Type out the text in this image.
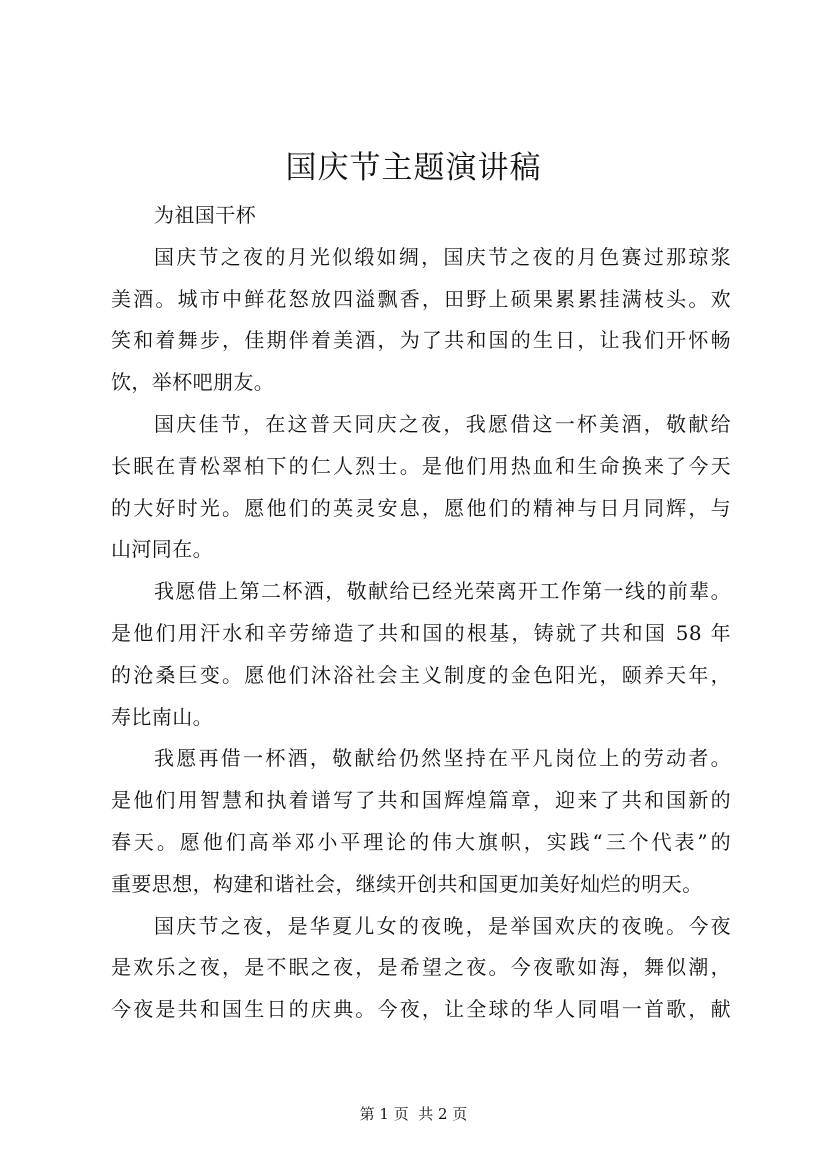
国庆节主题演讲稿
为祖国干杯
国庆节之夜的月光似缎如绸，国庆节之夜的月色赛过那琼浆
美酒。城市中鲜花怒放四溢飘香，田野上硕果累累挂满枝头。欢
笑和着舞步，佳期伴着美酒，为了共和国的生日，让我们开怀畅
饮，举杯吧朋友。
国庆佳节，在这普天同庆之夜，我愿借这一杯美酒，敬献给
长眠在青松翠柏下的仁人烈士。是他们用热血和生命换来了今天
的大好时光。愿他们的英灵安息，愿他们的精神与日月同辉，与
山河同在。
我愿借上第二杯酒，敬献给已经光荣离开工作第一线的前辈。
是他们用汗水和辛劳缔造了共和国的根基，铸就了共和国 58 年
的沧桑巨变。愿他们沐浴社会主义制度的金色阳光，颐养天年，
寿比南山。
我愿再借一杯酒，敬献给仍然坚持在平凡岗位上的劳动者。
是他们用智慧和执着谱写了共和国辉煌篇章，迎来了共和国新的
春天。愿他们高举邓小平理论的伟大旗帜，实践“三个代表”的
重要思想，构建和谐社会，继续开创共和国更加美好灿烂的明天。
国庆节之夜，是华夏儿女的夜晚，是举国欢庆的夜晚。今夜
是欢乐之夜，是不眠之夜，是希望之夜。今夜歌如海，舞似潮，
今夜是共和国生日的庆典。今夜，让全球的华人同唱一首歌，献
第 1 页  共 2 页
